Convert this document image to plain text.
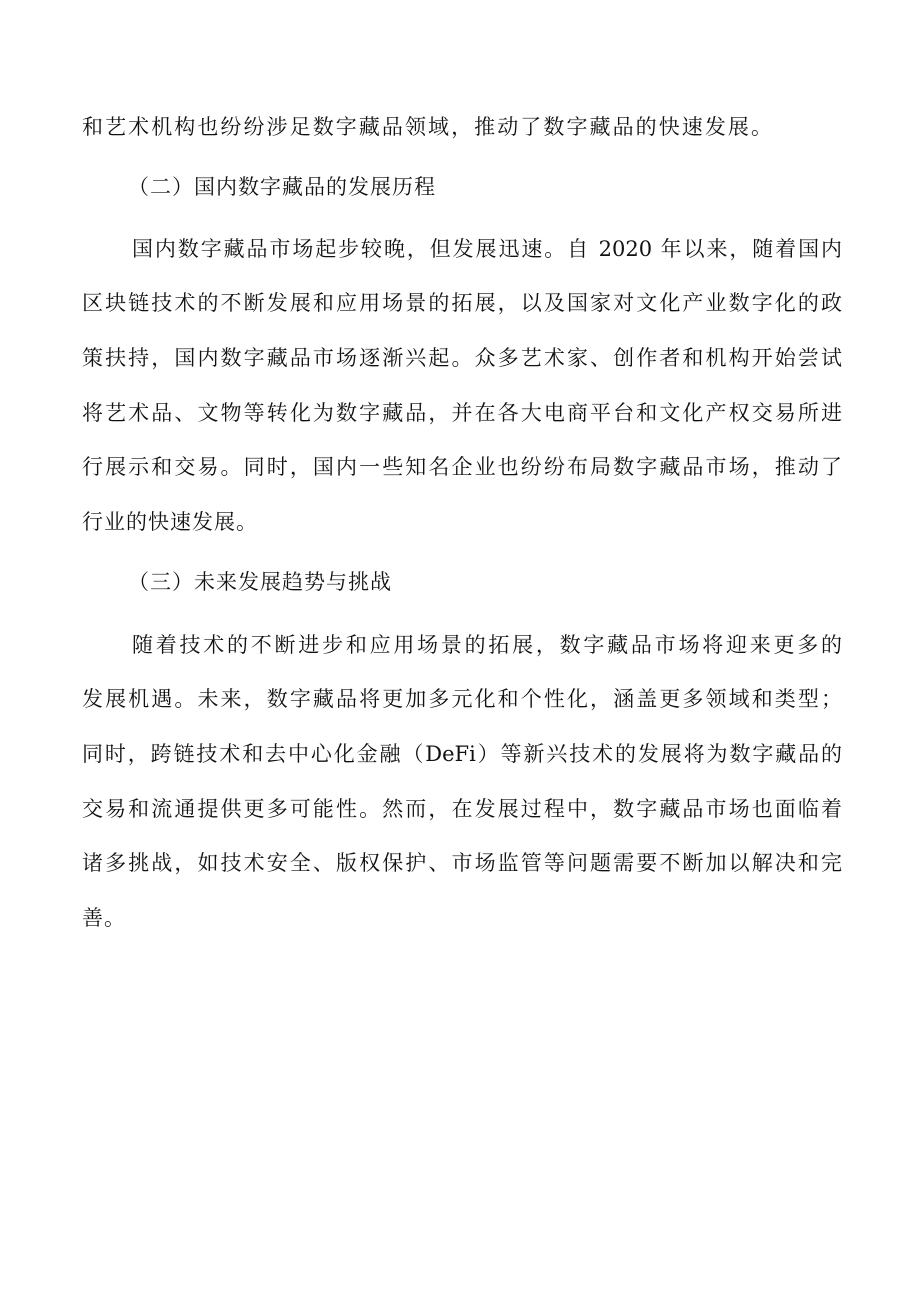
和艺术机构也纷纷涉足数字藏品领域，推动了数字藏品的快速发展。
（二）国内数字藏品的发展历程
国内数字藏品市场起步较晚，但发展迅速。自 2020 年以来，随着国内
区块链技术的不断发展和应用场景的拓展，以及国家对文化产业数字化的政
策扶持，国内数字藏品市场逐渐兴起。众多艺术家、创作者和机构开始尝试
将艺术品、文物等转化为数字藏品，并在各大电商平台和文化产权交易所进
行展示和交易。同时，国内一些知名企业也纷纷布局数字藏品市场，推动了
行业的快速发展。
（三）未来发展趋势与挑战
随着技术的不断进步和应用场景的拓展，数字藏品市场将迎来更多的
发展机遇。未来，数字藏品将更加多元化和个性化，涵盖更多领域和类型；
同时，跨链技术和去中心化金融（DeFi）等新兴技术的发展将为数字藏品的
交易和流通提供更多可能性。然而，在发展过程中，数字藏品市场也面临着
诸多挑战，如技术安全、版权保护、市场监管等问题需要不断加以解决和完
善。
